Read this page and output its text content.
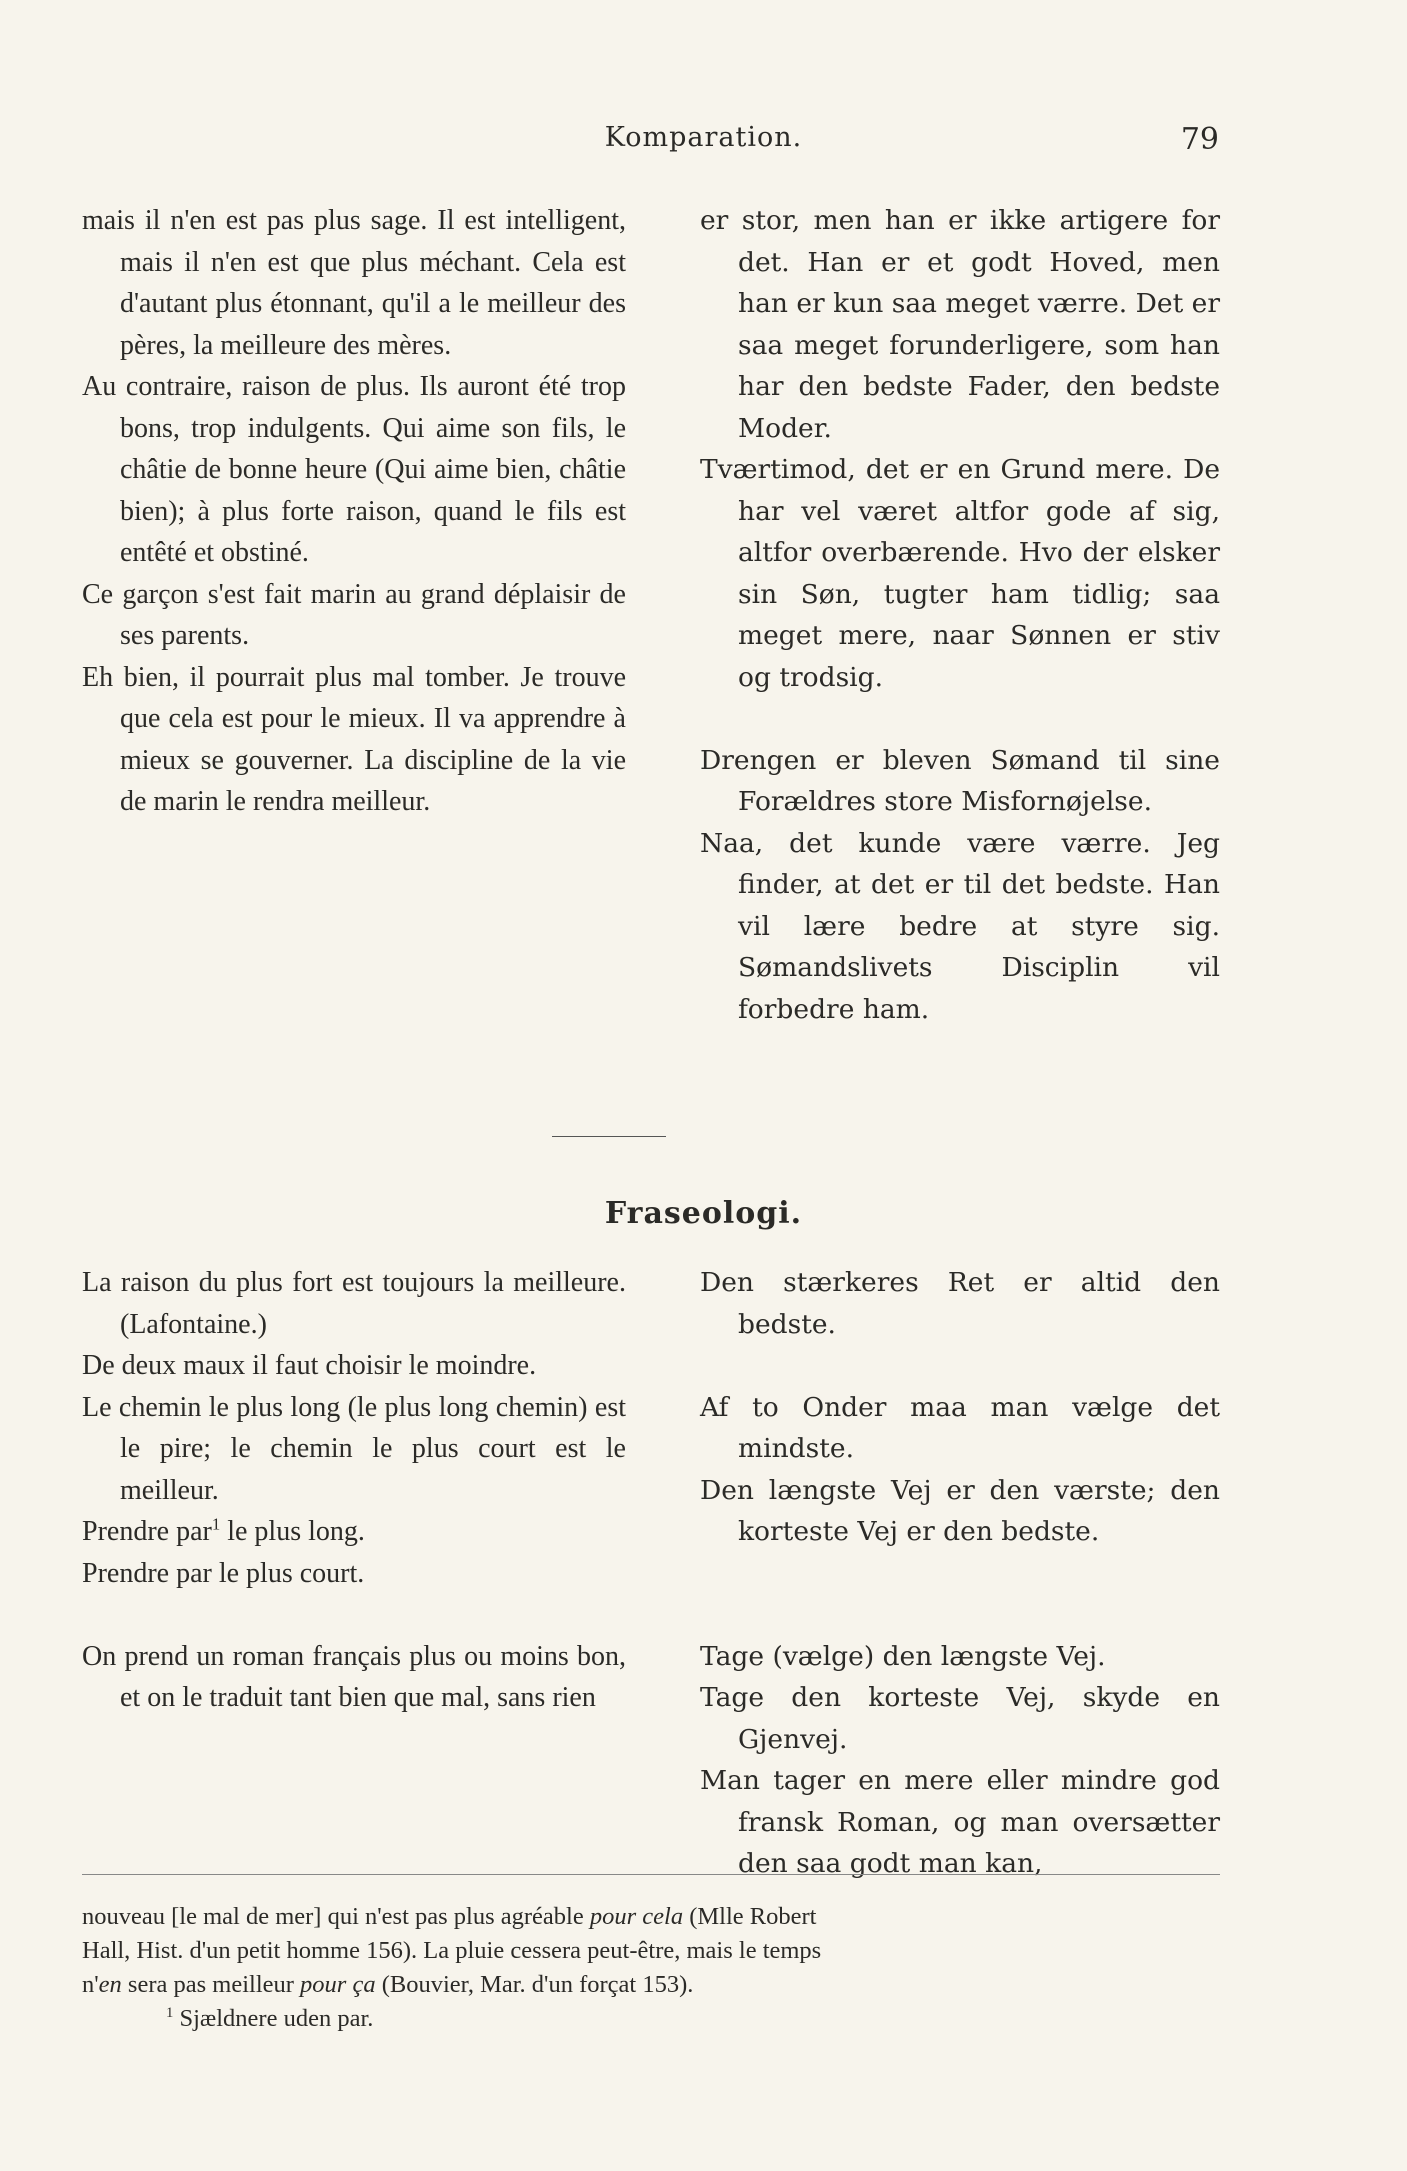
Komparation.	79

mais il n'en est pas plus sage. Il est intelligent, mais il n'en est que plus méchant. Cela est d'autant plus étonnant, qu'il a le meilleur des pères, la meilleure des mères.

Au contraire, raison de plus. Ils auront été trop bons, trop indulgents. Qui aime son fils, le châtie de bonne heure (Qui aime bien, châtie bien); à plus forte raison, quand le fils est entêté et obstiné.

Ce garçon s'est fait marin au grand déplaisir de ses parents.

Eh bien, il pourrait plus mal tomber. Je trouve que cela est pour le mieux. Il va apprendre à mieux se gouverner. La discipline de la vie de marin le rendra meilleur.

er stor, men han er ikke artigere for det. Han er et godt Hoved, men han er kun saa meget værre. Det er saa meget forunderligere, som han har den bedste Fader, den bedste Moder.

Tværtimod, det er en Grund mere. De har vel været altfor gode af sig, altfor overbærende. Hvo der elsker sin Søn, tugter ham tidlig; saa meget mere, naar Sønnen er stiv og trodsig.

Drengen er bleven Sømand til sine Forældres store Misfornøjelse.

Naa, det kunde være værre. Jeg finder, at det er til det bedste. Han vil lære bedre at styre sig. Sømandslivets Disciplin vil forbedre ham.

Fraseologi.

La raison du plus fort est toujours la meilleure. (Lafontaine.)

De deux maux il faut choisir le moindre.

Le chemin le plus long (le plus long chemin) est le pire; le chemin le plus court est le meilleur.

Prendre par$^1$ le plus long.

Prendre par le plus court.

On prend un roman français plus ou moins bon, et on le traduit tant bien que mal, sans rien

Den stærkeres Ret er altid den bedste.

Af to Onder maa man vælge det mindste.

Den længste Vej er den værste; den korteste Vej er den bedste.

Tage (vælge) den længste Vej.

Tage den korteste Vej, skyde en Gjenvej.

Man tager en mere eller mindre god fransk Roman, og man oversætter den saa godt man kan,

nouveau [le mal de mer] qui n'est pas plus agréable pour cela (Mlle Robert

Hall, Hist. d'un petit homme 156). La pluie cessera peut-être, mais le temps

n'en sera pas meilleur pour ça (Bouvier, Mar. d'un forçat 153).

$^1$ Sjældnere uden par.
